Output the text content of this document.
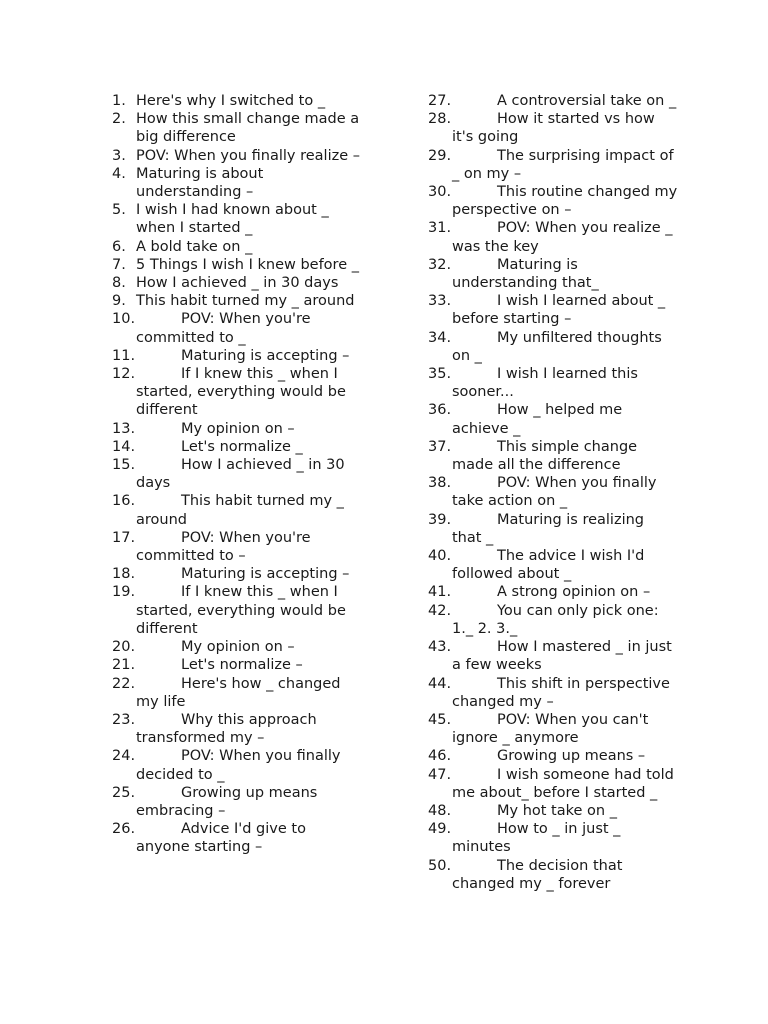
1. Here's why I switched to _
2. How this small change made a big difference
3. POV: When you finally realize –
4. Maturing is about understanding –
5. I wish I had known about _ when I started _
6. A bold take on _
7. 5 Things I wish I knew before _
8. How I achieved _ in 30 days
9. This habit turned my _ around
10.	POV: When you're committed to _
11.	Maturing is accepting –
12.	If I knew this _ when I started, everything would be different
13.	My opinion on –
14.	Let's normalize _
15.	How I achieved _ in 30 days
16.	This habit turned my _ around
17.	POV: When you're committed to –
18.	Maturing is accepting –
19.	If I knew this _ when I started, everything would be different
20.	My opinion on –
21.	Let's normalize –
22.	Here's how _ changed my life
23.	Why this approach transformed my –
24.	POV: When you finally decided to _
25.	Growing up means embracing –
26.	Advice I'd give to anyone starting –
27.	A controversial take on _
28.	How it started vs how it's going
29.	The surprising impact of _ on my –
30.	This routine changed my perspective on –
31.	POV: When you realize _ was the key
32.	Maturing is understanding that_
33.	I wish I learned about _ before starting –
34.	My unfiltered thoughts on _
35.	I wish I learned this sooner...
36.	How _ helped me achieve _
37.	This simple change made all the difference
38.	POV: When you finally take action on _
39.	Maturing is realizing that _
40.	The advice I wish I'd followed about _
41.	A strong opinion on –
42.	You can only pick one: 1._ 2. 3._
43.	How I mastered _ in just a few weeks
44.	This shift in perspective changed my –
45.	POV: When you can't ignore _ anymore
46.	Growing up means –
47.	I wish someone had told me about_ before I started _
48.	My hot take on _
49.	How to _ in just _ minutes
50.	The decision that changed my _ forever
